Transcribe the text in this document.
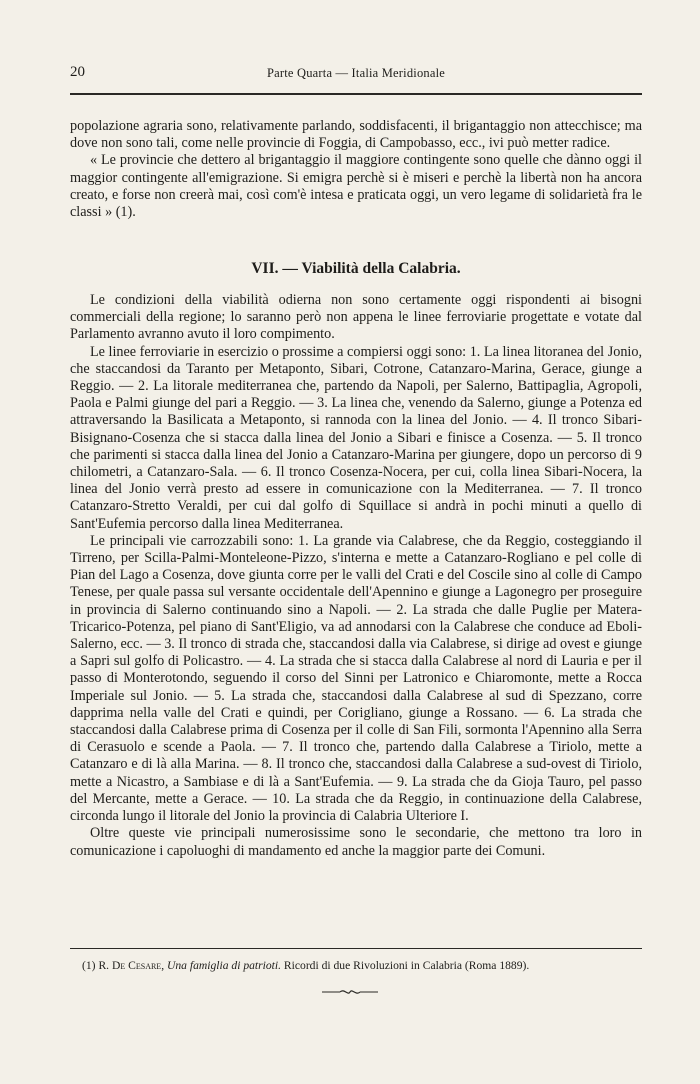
20	Parte Quarta — Italia Meridionale

popolazione agraria sono, relativamente parlando, soddisfacenti, il brigantaggio non attecchisce; ma dove non sono tali, come nelle provincie di Foggia, di Campobasso, ecc., ivi può metter radice.

« Le provincie che dettero al brigantaggio il maggiore contingente sono quelle che dànno oggi il maggior contingente all'emigrazione. Si emigra perchè si è miseri e perchè la libertà non ha ancora creato, e forse non creerà mai, così com'è intesa e praticata oggi, un vero legame di solidarietà fra le classi » (1).

VII. — Viabilità della Calabria.

Le condizioni della viabilità odierna non sono certamente oggi rispondenti ai bisogni commerciali della regione; lo saranno però non appena le linee ferroviarie progettate e votate dal Parlamento avranno avuto il loro compimento.

Le linee ferroviarie in esercizio o prossime a compiersi oggi sono: 1. La linea litoranea del Jonio, che staccandosi da Taranto per Metaponto, Sibari, Cotrone, Catanzaro-Marina, Gerace, giunge a Reggio. — 2. La litorale mediterranea che, partendo da Napoli, per Salerno, Battipaglia, Agropoli, Paola e Palmi giunge del pari a Reggio. — 3. La linea che, venendo da Salerno, giunge a Potenza ed attraversando la Basilicata a Metaponto, si rannoda con la linea del Jonio. — 4. Il tronco Sibari-Bisignano-Cosenza che si stacca dalla linea del Jonio a Sibari e finisce a Cosenza. — 5. Il tronco che parimenti si stacca dalla linea del Jonio a Catanzaro-Marina per giungere, dopo un percorso di 9 chilometri, a Catanzaro-Sala. — 6. Il tronco Cosenza-Nocera, per cui, colla linea Sibari-Nocera, la linea del Jonio verrà presto ad essere in comunicazione con la Mediterranea. — 7. Il tronco Catanzaro-Stretto Veraldi, per cui dal golfo di Squillace si andrà in pochi minuti a quello di Sant'Eufemia percorso dalla linea Mediterranea.

Le principali vie carrozzabili sono: 1. La grande via Calabrese, che da Reggio, costeggiando il Tirreno, per Scilla-Palmi-Monteleone-Pizzo, s'interna e mette a Catanzaro-Rogliano e pel colle di Pian del Lago a Cosenza, dove giunta corre per le valli del Crati e del Coscile sino al colle di Campo Tenese, per quale passa sul versante occidentale dell'Apennino e giunge a Lagonegro per proseguire in provincia di Salerno continuando sino a Napoli. — 2. La strada che dalle Puglie per Matera-Tricarico-Potenza, pel piano di Sant'Eligio, va ad annodarsi con la Calabrese che conduce ad Eboli-Salerno, ecc. — 3. Il tronco di strada che, staccandosi dalla via Calabrese, si dirige ad ovest e giunge a Sapri sul golfo di Policastro. — 4. La strada che si stacca dalla Calabrese al nord di Lauria e per il passo di Monterotondo, seguendo il corso del Sinni per Latronico e Chiaromonte, mette a Rocca Imperiale sul Jonio. — 5. La strada che, staccandosi dalla Calabrese al sud di Spezzano, corre dapprima nella valle del Crati e quindi, per Corigliano, giunge a Rossano. — 6. La strada che staccandosi dalla Calabrese prima di Cosenza per il colle di San Fili, sormonta l'Apennino alla Serra di Cerasuolo e scende a Paola. — 7. Il tronco che, partendo dalla Calabrese a Tiriolo, mette a Catanzaro e di là alla Marina. — 8. Il tronco che, staccandosi dalla Calabrese a sud-ovest di Tiriolo, mette a Nicastro, a Sambiase e di là a Sant'Eufemia. — 9. La strada che da Gioja Tauro, pel passo del Mercante, mette a Gerace. — 10. La strada che da Reggio, in continuazione della Calabrese, circonda lungo il litorale del Jonio la provincia di Calabria Ulteriore I.

Oltre queste vie principali numerosissime sono le secondarie, che mettono tra loro in comunicazione i capoluoghi di mandamento ed anche la maggior parte dei Comuni.

(1) R. De Cesare, Una famiglia di patrioti. Ricordi di due Rivoluzioni in Calabria (Roma 1889).
